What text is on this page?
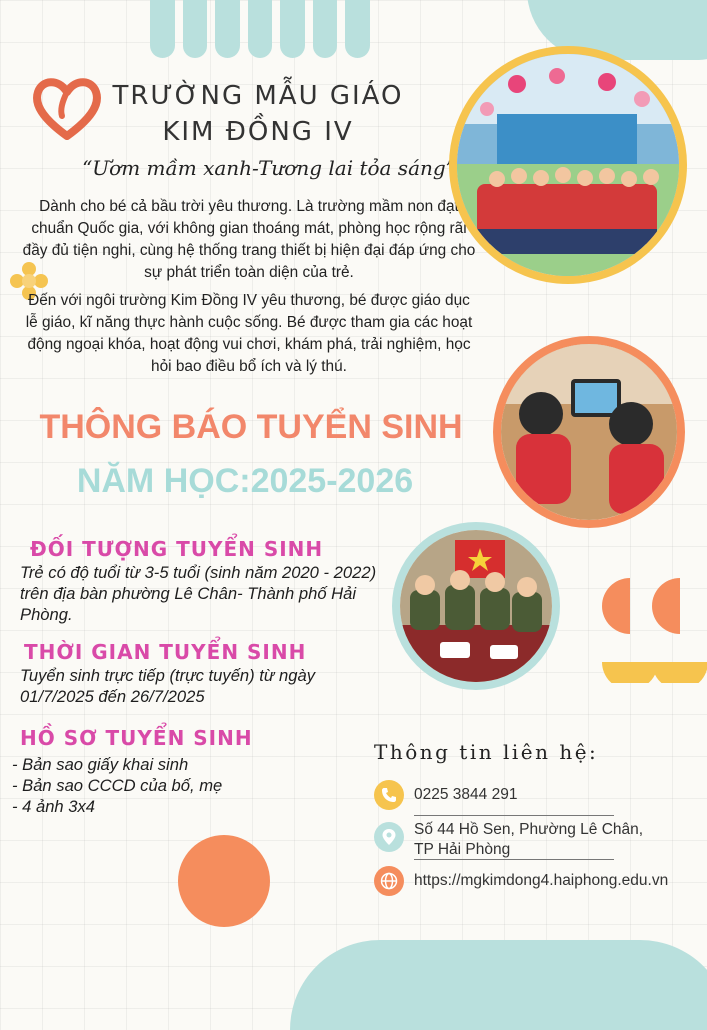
TRƯỜNG MẪU GIÁO
KIM ĐỒNG IV
“Ươm mầm xanh-Tương lai tỏa sáng”

Dành cho bé cả bầu trời yêu thương. Là trường mầm non đạt chuẩn Quốc gia, với không gian thoáng mát, phòng học rộng rãi đầy đủ tiện nghi, cùng hệ thống trang thiết bị hiện đại đáp ứng cho sự phát triển toàn diện của trẻ.

Đến với ngôi trường Kim Đồng IV yêu thương, bé được giáo dục lễ giáo, kĩ năng thực hành cuộc sống. Bé được tham gia các hoạt động ngoại khóa, hoạt động vui chơi, khám phá, trải nghiệm, học hỏi bao điều bổ ích và lý thú.

THÔNG BÁO TUYỂN SINH
NĂM HỌC:2025-2026
ĐỐI TƯỢNG TUYỂN SINH
Trẻ có độ tuổi từ 3-5 tuổi (sinh năm 2020 - 2022) trên địa bàn phường Lê Chân- Thành phố Hải Phòng.
THỜI GIAN TUYỂN SINH
Tuyển sinh trực tiếp (trực tuyến) từ ngày 01/7/2025 đến 26/7/2025
HỒ SƠ TUYỂN SINH
- Bản sao giấy khai sinh
- Bản sao CCCD của bố, mẹ
- 4 ảnh 3x4
Thông tin liên hệ:
0225 3844 291
Số 44 Hồ Sen, Phường Lê Chân,
TP Hải Phòng
https://mgkimdong4.haiphong.edu.vn
